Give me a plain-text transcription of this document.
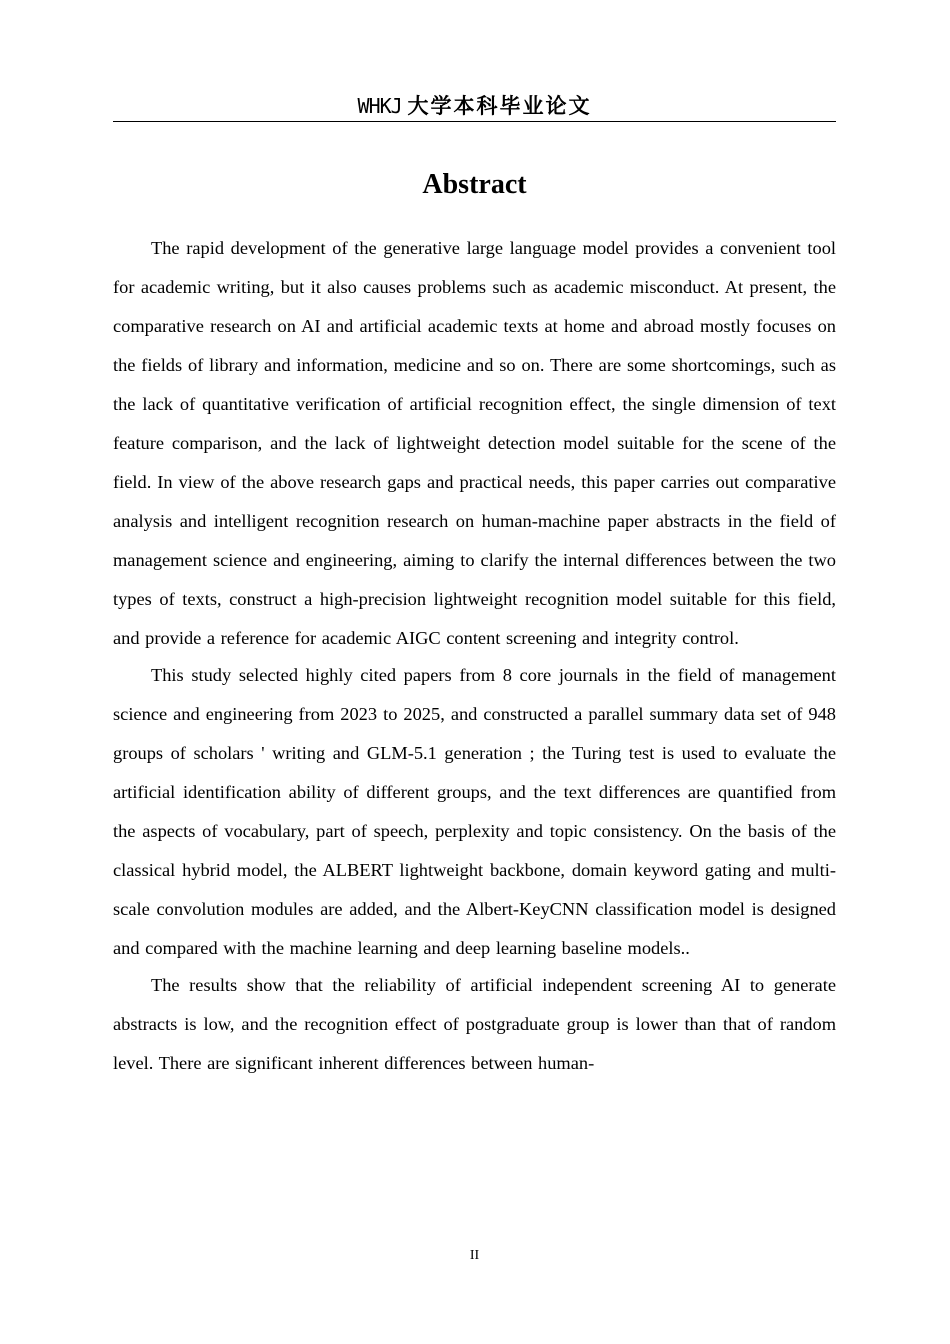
WHKJ 大学本科毕业论文
Abstract

The rapid development of the generative large language model provides a convenient tool for academic writing, but it also causes problems such as academic misconduct. At present, the comparative research on AI and artificial academic texts at home and abroad mostly focuses on the fields of library and information, medicine and so on. There are some shortcomings, such as the lack of quantitative verification of artificial recognition effect, the single dimension of text feature comparison, and the lack of lightweight detection model suitable for the scene of the field. In view of the above research gaps and practical needs, this paper carries out comparative analysis and intelligent recognition research on human-machine paper abstracts in the field of management science and engineering, aiming to clarify the internal differences between the two types of texts, construct a high-precision lightweight recognition model suitable for this field, and provide a reference for academic AIGC content screening and integrity control.

This study selected highly cited papers from 8 core journals in the field of management science and engineering from 2023 to 2025, and constructed a parallel summary data set of 948 groups of scholars ' writing and GLM-5.1 generation ; the Turing test is used to evaluate the artificial identification ability of different groups, and the text differences are quantified from the aspects of vocabulary, part of speech, perplexity and topic consistency. On the basis of the classical hybrid model, the ALBERT lightweight backbone, domain keyword gating and multi-scale convolution modules are added, and the Albert-KeyCNN classification model is designed and compared with the machine learning and deep learning baseline models..

The results show that the reliability of artificial independent screening AI to generate abstracts is low, and the recognition effect of postgraduate group is lower than that of random level. There are significant inherent differences between human-

II
